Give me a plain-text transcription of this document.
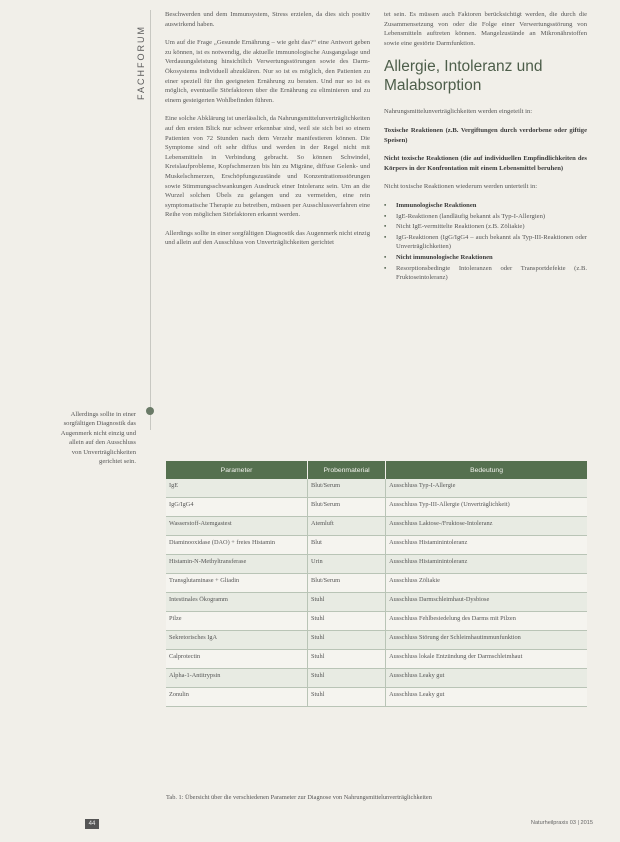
FACHFORUM

Beschwerden und dem Immunsystem, Stress erzielen, da dies sich positiv auswirkend haben.

Um auf die Frage „Gesunde Ernährung – wie geht das?“ eine Antwort geben zu können, ist es notwendig, die aktuelle immunologische Ausgangslage und Verdauungsleistung hinsichtlich Verwertungsstörungen sowie des Darm-Ökosystems individuell abzuklären. Nur so ist es möglich, den Patienten zu einer speziell für ihn geeigneten Ernährung zu beraten. Und nur so ist es möglich, eventuelle Störfaktoren über die Ernährung zu eliminieren und zu einem gesteigerten Wohlbefinden führen.

Eine solche Abklärung ist unerlässlich, da Nahrungsmittelunverträglichkeiten auf den ersten Blick nur schwer erkennbar sind, weil sie sich bei so einem Patienten von 72 Stunden nach dem Verzehr manifestieren können. Die Symptome sind oft sehr diffus und werden in der Regel nicht mit Lebensmitteln in Verbindung gebracht. So können Schwindel, Kreislaufprobleme, Kopfschmerzen bis hin zu Migräne, diffuse Gelenk- und Muskelschmerzen, Erschöpfungszustände und Konzentrationsstörungen sowie Stimmungsschwankungen Ausdruck einer Intoleranz sein. Um an die Wurzel solchen Übels zu gelangen und zu vermeiden, eine rein symptomatische Therapie zu betreiben, müssen per Ausschlussverfahren eine Reihe von möglichen Störfaktoren erkannt werden.

Allerdings sollte in einer sorgfältigen Diagnostik das Augenmerk nicht einzig und allein auf den Ausschluss von Unverträglichkeiten gerichtet

tet sein. Es müssen auch Faktoren berücksichtigt werden, die durch die Zusammensetzung von oder die Folge einer Verwertungsstörung von Lebensmitteln auftreten können. Mangelzustände an Mikronährstoffen sowie eine gestörte Darmfunktion.

Allergie, Intoleranz und Malabsorption

Nahrungsmittelunverträglichkeiten werden eingeteilt in:

Toxische Reaktionen (z.B. Vergiftungen durch verdorbene oder giftige Speisen)

Nicht toxische Reaktionen (die auf individuellen Empfindlichkeiten des Körpers in der Konfrontation mit einem Lebensmittel beruhen)

Nicht toxische Reaktionen wiederum werden unterteilt in:

• Immunologische Reaktionen
• IgE-Reaktionen (landläufig bekannt als Typ-I-Allergien)
• Nicht IgE-vermittelte Reaktionen (z.B. Zöliakie)
• IgG-Reaktionen (IgG/IgG4 – auch bekannt als Typ-III-Reaktionen oder Unverträglichkeiten)
• Nicht immunologische Reaktionen
• Resorptionsbedingte Intoleranzen oder Transportdefekte (z.B. Fruktoseintoleranz)
Allerdings sollte in einer sorgfältigen Diagnostik das Augenmerk nicht einzig und allein auf den Ausschluss von Unverträglichkeiten gerichtet sein.
Parameter	Probenmaterial	Bedeutung
IgE	Blut/Serum	Ausschluss Typ-I-Allergie
IgG/IgG4	Blut/Serum	Ausschluss Typ-III-Allergie (Unverträglichkeit)
Wasserstoff-Atemgastest	Atemluft	Ausschluss Laktose-/Fruktose-Intoleranz
Diaminooxidase (DAO) + freies Histamin	Blut	Ausschluss Histaminintoleranz
Histamin-N-Methyltransferase	Urin	Ausschluss Histaminintoleranz
Transglutaminase + Gliadin	Blut/Serum	Ausschluss Zöliakie
Intestinales Ökogramm	Stuhl	Ausschluss Darmschleimhaut-Dysbiose
Pilze	Stuhl	Ausschluss Fehlbesiedelung des Darms mit Pilzen
Sekretorisches IgA	Stuhl	Ausschluss Störung der Schleimhautimmunfunktion
Calprotectin	Stuhl	Ausschluss lokale Entzündung der Darmschleimhaut
Alpha-1-Antitrypsin	Stuhl	Ausschluss Leaky gut
Zonulin	Stuhl	Ausschluss Leaky gut
Tab. 1: Übersicht über die verschiedenen Parameter zur Diagnose von Nahrungsmittelunverträglichkeiten
44	Naturheilpraxis 03 | 2015
